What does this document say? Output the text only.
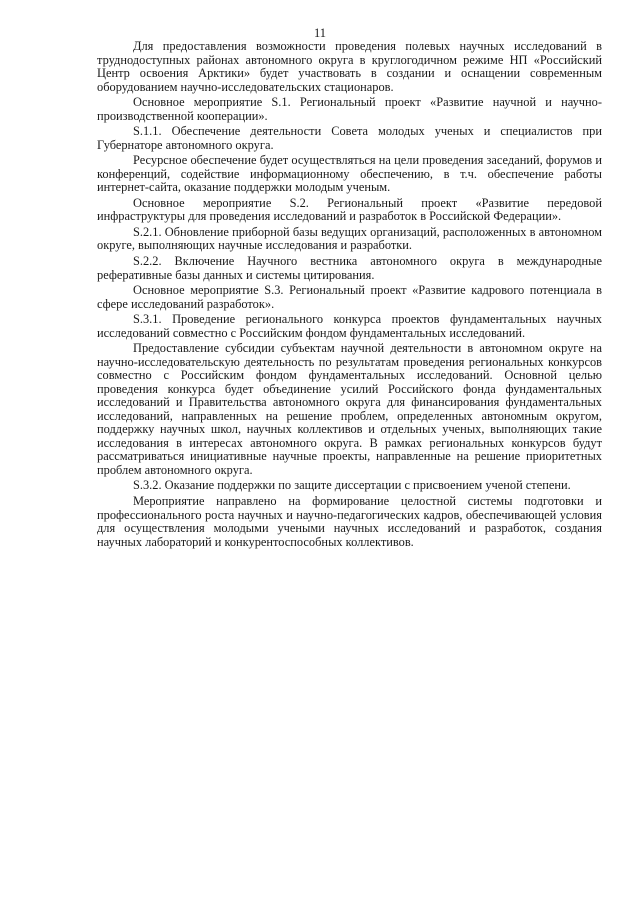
11

Для предоставления возможности проведения полевых научных исследований в труднодоступных районах автономного округа в круглогодичном режиме НП «Российский Центр освоения Арктики» будет участвовать в создании и оснащении современным оборудованием научно-исследовательских стационаров.

Основное мероприятие S.1. Региональный проект «Развитие научной и научно-производственной кооперации».

S.1.1. Обеспечение деятельности Совета молодых ученых и специалистов при Губернаторе автономного округа.

Ресурсное обеспечение будет осуществляться на цели проведения заседаний, форумов и конференций, содействие информационному обеспечению, в т.ч. обеспечение работы интернет-сайта, оказание поддержки молодым ученым.

Основное мероприятие S.2. Региональный проект «Развитие передовой инфраструктуры для проведения исследований и разработок в Российской Федерации».

S.2.1. Обновление приборной базы ведущих организаций, расположенных в автономном округе, выполняющих научные исследования и разработки.

S.2.2. Включение Научного вестника автономного округа в международные реферативные базы данных и системы цитирования.

Основное мероприятие S.3. Региональный проект «Развитие кадрового потенциала в сфере исследований разработок».

S.3.1. Проведение регионального конкурса проектов фундаментальных научных исследований совместно с Российским фондом фундаментальных исследований.

Предоставление субсидии субъектам научной деятельности в автономном округе на научно-исследовательскую деятельность по результатам проведения региональных конкурсов совместно с Российским фондом фундаментальных исследований. Основной целью проведения конкурса будет объединение усилий Российского фонда фундаментальных исследований и Правительства автономного округа для финансирования фундаментальных исследований, направленных на решение проблем, определенных автономным округом, поддержку научных школ, научных коллективов и отдельных ученых, выполняющих такие исследования в интересах автономного округа. В рамках региональных конкурсов будут рассматриваться инициативные научные проекты, направленные на решение приоритетных проблем автономного округа.

S.3.2. Оказание поддержки по защите диссертации с присвоением ученой степени.

Мероприятие направлено на формирование целостной системы подготовки и профессионального роста научных и научно-педагогических кадров, обеспечивающей условия для осуществления молодыми учеными научных исследований и разработок, создания научных лабораторий и конкурентоспособных коллективов.
